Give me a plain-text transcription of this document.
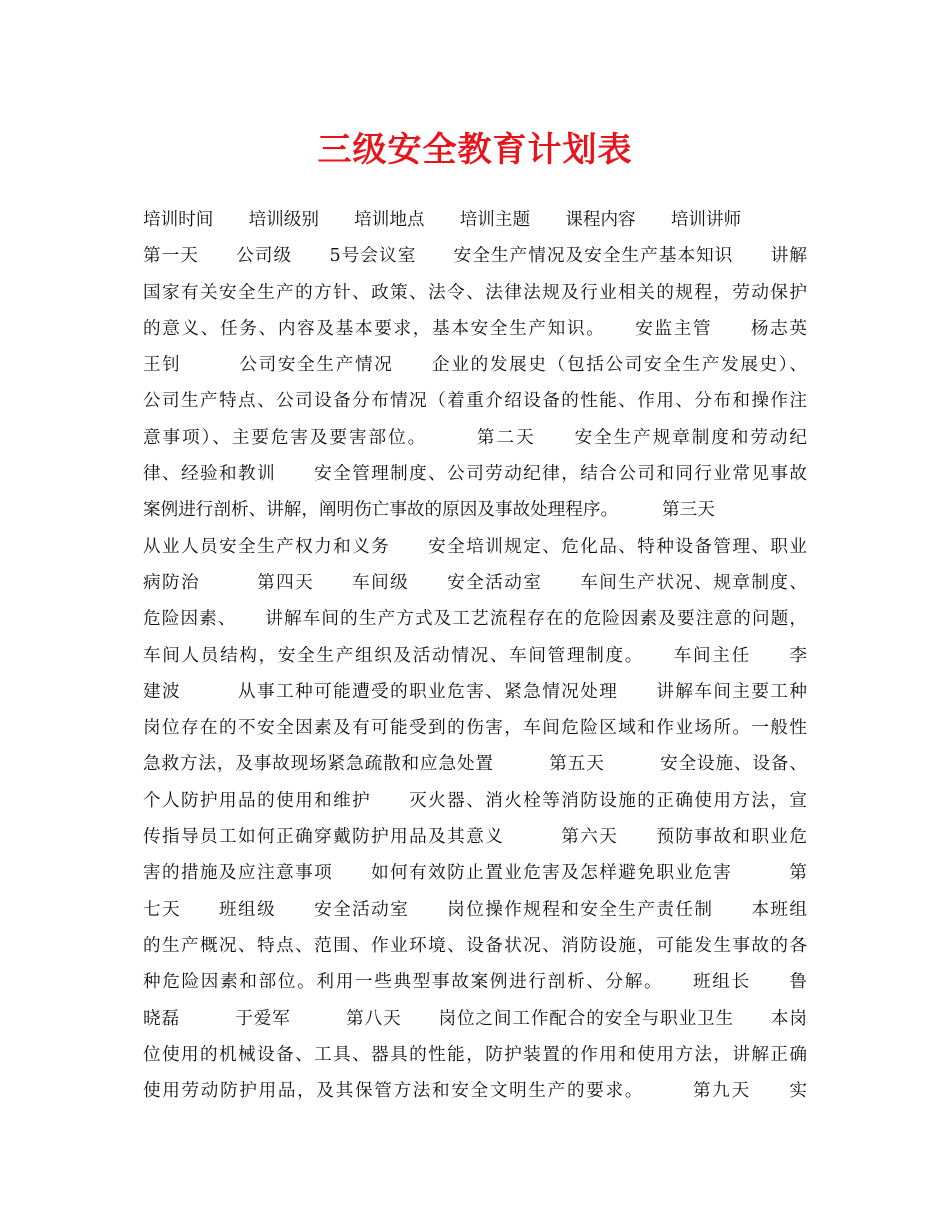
三级安全教育计划表
培训时间　　培训级别　　培训地点　　培训主题　　课程内容　　培训讲师
第一天　　公司级　　5号会议室　　安全生产情况及安全生产基本知识　　讲解
国家有关安全生产的方针、政策、法令、法律法规及行业相关的规程，劳动保护
的意义、任务、内容及基本要求，基本安全生产知识。　　安监主管　　杨志英
王钊　　　公司安全生产情况　　企业的发展史（包括公司安全生产发展史）、
公司生产特点、公司设备分布情况（着重介绍设备的性能、作用、分布和操作注
意事项）、主要危害及要害部位。　　　第二天　　安全生产规章制度和劳动纪
律、经验和教训　　安全管理制度、公司劳动纪律，结合公司和同行业常见事故
案例进行剖析、讲解，阐明伤亡事故的原因及事故处理程序。　　　第三天
从业人员安全生产权力和义务　　安全培训规定、危化品、特种设备管理、职业
病防治　　　第四天　　车间级　　安全活动室　　车间生产状况、规章制度、
危险因素、　　讲解车间的生产方式及工艺流程存在的危险因素及要注意的问题，
车间人员结构，安全生产组织及活动情况、车间管理制度。　　车间主任　　李
建波　　　从事工种可能遭受的职业危害、紧急情况处理　　讲解车间主要工种
岗位存在的不安全因素及有可能受到的伤害，车间危险区域和作业场所。一般性
急救方法，及事故现场紧急疏散和应急处置　　　第五天　　　安全设施、设备、
个人防护用品的使用和维护　　灭火器、消火栓等消防设施的正确使用方法，宣
传指导员工如何正确穿戴防护用品及其意义　　　第六天　　预防事故和职业危
害的措施及应注意事项　　如何有效防止置业危害及怎样避免职业危害　　　第
七天　　班组级　　安全活动室　　岗位操作规程和安全生产责任制　　本班组
的生产概况、特点、范围、作业环境、设备状况、消防设施，可能发生事故的各
种危险因素和部位。利用一些典型事故案例进行剖析、分解。　　班组长　　鲁
晓磊　　　于爱军　　　第八天　　岗位之间工作配合的安全与职业卫生　　本岗
位使用的机械设备、工具、器具的性能，防护装置的作用和使用方法，讲解正确
使用劳动防护用品，及其保管方法和安全文明生产的要求。　　　第九天　　实
